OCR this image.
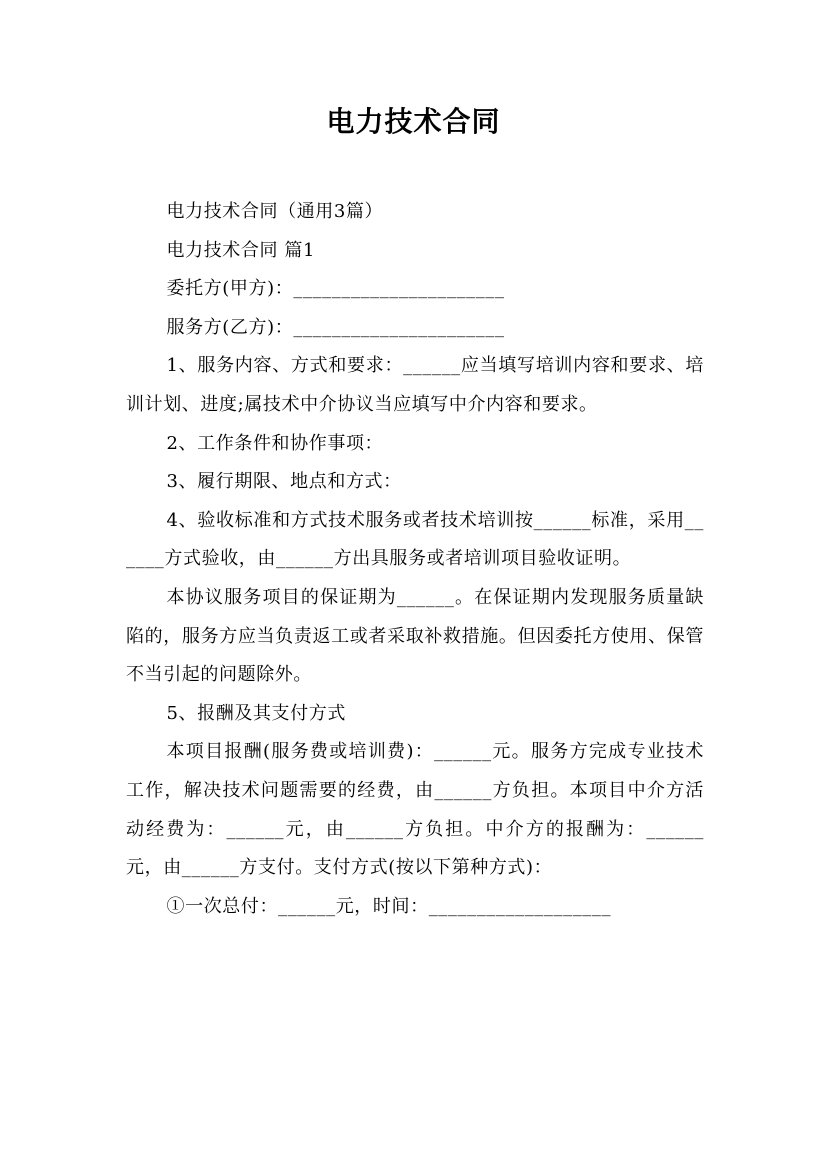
电力技术合同

电力技术合同（通用3篇）

电力技术合同 篇1

委托方(甲方)：______________________

服务方(乙方)：______________________

1、服务内容、方式和要求：______应当填写培训内容和要求、培训计划、进度;属技术中介协议当应填写中介内容和要求。

2、工作条件和协作事项：

3、履行期限、地点和方式：

4、验收标准和方式技术服务或者技术培训按______标准，采用______方式验收，由______方出具服务或者培训项目验收证明。

本协议服务项目的保证期为______。在保证期内发现服务质量缺陷的，服务方应当负责返工或者采取补救措施。但因委托方使用、保管不当引起的问题除外。

5、报酬及其支付方式

本项目报酬(服务费或培训费)：______元。服务方完成专业技术工作，解决技术问题需要的经费，由______方负担。本项目中介方活动经费为：______元，由______方负担。中介方的报酬为：______元，由______方支付。支付方式(按以下第种方式)：

①一次总付：______元，时间：___________________
